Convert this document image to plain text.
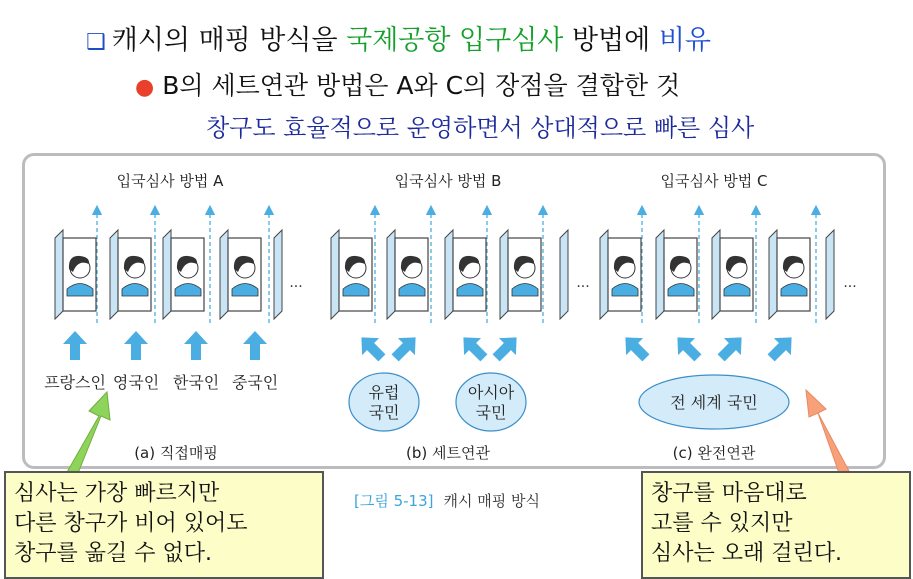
❑ 캐시의 매핑 방식을 국제공항 입구심사 방법에 비유
● B의 세트연관 방법은 A와 C의 장점을 결합한 것
창구도 효율적으로 운영하면서 상대적으로 빠른 심사
...
프랑스인 영국인 한국인 중국인
입국심사 방법 A
(a) 직접매핑
...
유럽
국민
아시아
국민
입국심사 방법 B
(b) 세트연관
...
전 세계 국민
입국심사 방법 C
(c) 완전연관
[그림 5-13] 캐시 매핑 방식
심사는 가장 빠르지만
다른 창구가 비어 있어도
창구를 옮길 수 없다.
창구를 마음대로
고를 수 있지만
심사는 오래 걸린다.
